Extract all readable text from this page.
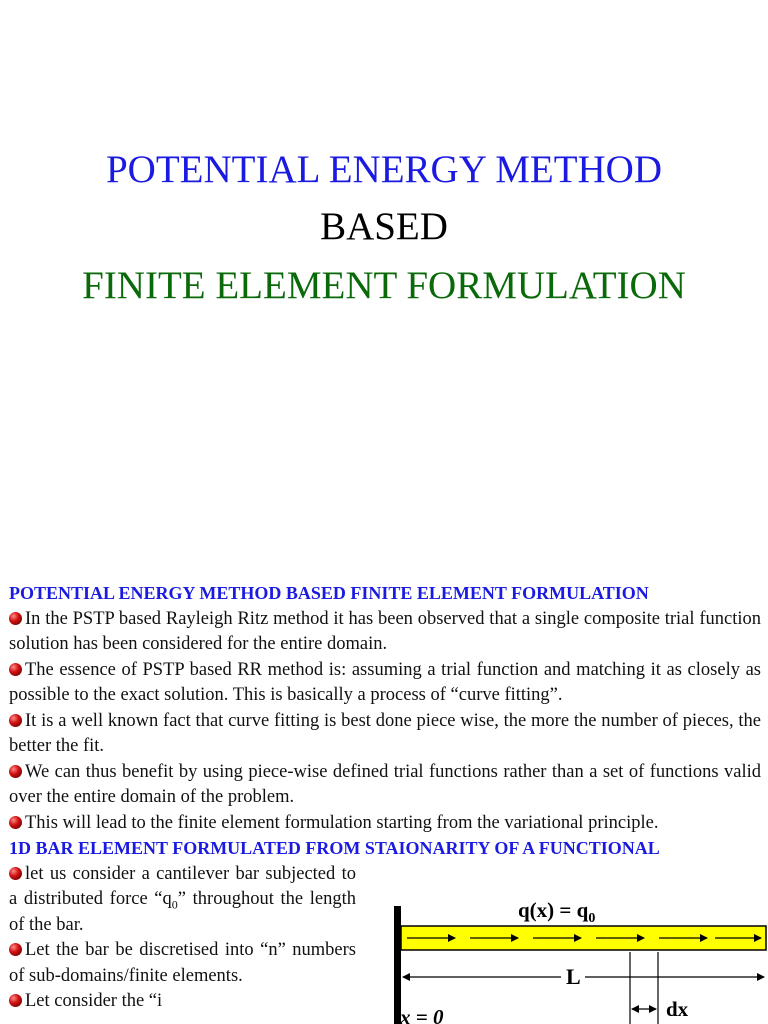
POTENTIAL ENERGY METHOD
BASED
FINITE ELEMENT FORMULATION
POTENTIAL ENERGY METHOD BASED FINITE ELEMENT FORMULATION
In the PSTP based Rayleigh Ritz method it has been observed that a single composite trial function solution has been considered for the entire domain.
The essence of PSTP based RR method is: assuming a trial function and matching it as closely as possible to the exact solution. This is basically a process of “curve fitting”.
It is a well known fact that curve fitting is best done piece wise, the more the number of pieces, the better the fit.
We can thus benefit by using piece-wise defined trial functions rather than a set of functions valid over the entire domain of the problem.
This will lead to the finite element formulation starting from the variational principle.
1D BAR ELEMENT FORMULATED FROM STAIONARITY OF A FUNCTIONAL
let us consider a cantilever bar subjected to a distributed force “$q_0$” throughout the length of the bar.
Let the bar be discretised into “n” numbers of sub-domains/finite elements.
Let consider the “i
$q(x) = q_0$
L
dx
x = 0
